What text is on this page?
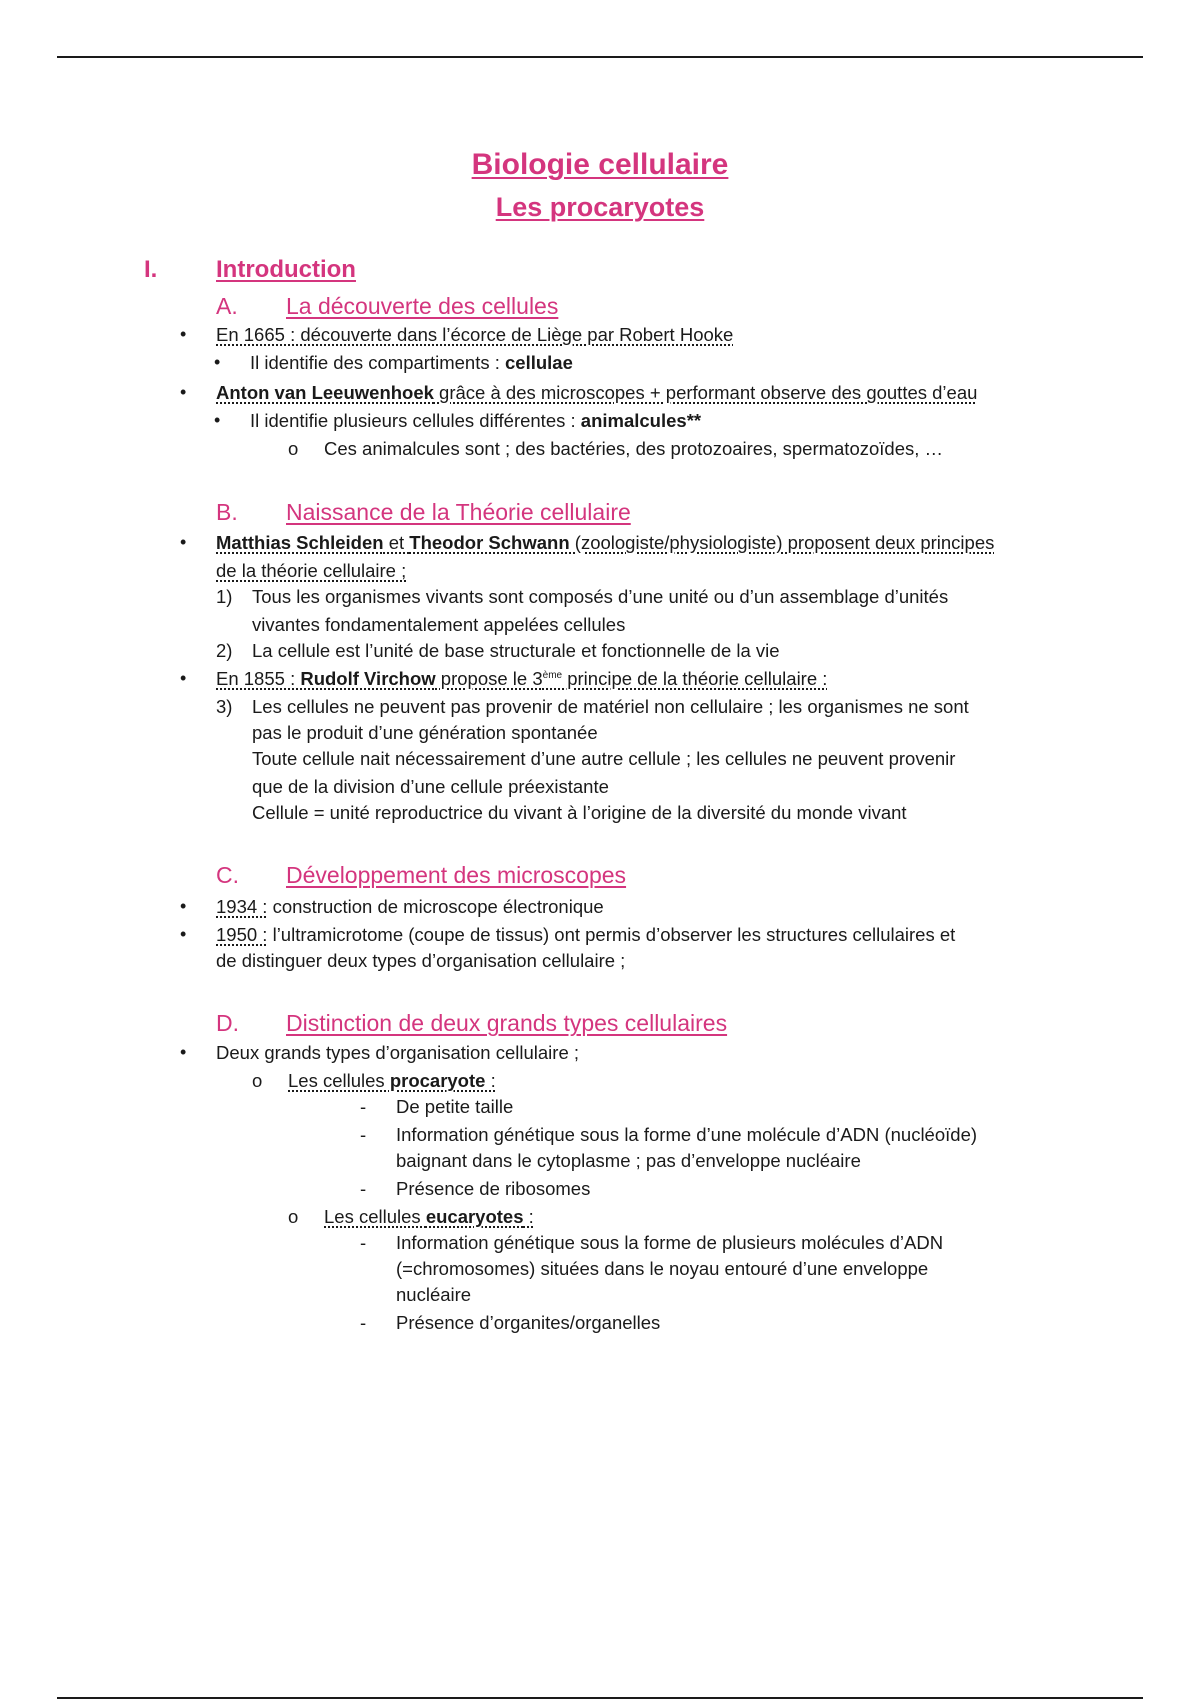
Biologie cellulaire
Les procaryotes
I. Introduction
A. La découverte des cellules
• En 1665 : découverte dans l’écorce de Liège par Robert Hooke
• Il identifie des compartiments : cellulae
• Anton van Leeuwenhoek grâce à des microscopes + performant observe des gouttes d’eau
• Il identifie plusieurs cellules différentes : animalcules**
o Ces animalcules sont ; des bactéries, des protozoaires, spermatozoïdes, …
B. Naissance de la Théorie cellulaire
• Matthias Schleiden et Theodor Schwann (zoologiste/physiologiste) proposent deux principes
de la théorie cellulaire ;
1) Tous les organismes vivants sont composés d’une unité ou d’un assemblage d’unités
vivantes fondamentalement appelées cellules
2) La cellule est l’unité de base structurale et fonctionnelle de la vie
• En 1855 : Rudolf Virchow propose le 3ème principe de la théorie cellulaire :
3) Les cellules ne peuvent pas provenir de matériel non cellulaire ; les organismes ne sont
pas le produit d’une génération spontanée
Toute cellule nait nécessairement d’une autre cellule ; les cellules ne peuvent provenir
que de la division d’une cellule préexistante
Cellule = unité reproductrice du vivant à l’origine de la diversité du monde vivant
C. Développement des microscopes
• 1934 : construction de microscope électronique
• 1950 : l’ultramicrotome (coupe de tissus) ont permis d’observer les structures cellulaires et
de distinguer deux types d’organisation cellulaire ;
D. Distinction de deux grands types cellulaires
• Deux grands types d’organisation cellulaire ;
o Les cellules procaryote :
- De petite taille
- Information génétique sous la forme d’une molécule d’ADN (nucléoïde)
baignant dans le cytoplasme ; pas d’enveloppe nucléaire
- Présence de ribosomes
o Les cellules eucaryotes :
- Information génétique sous la forme de plusieurs molécules d’ADN
(=chromosomes) situées dans le noyau entouré d’une enveloppe
nucléaire
- Présence d’organites/organelles
